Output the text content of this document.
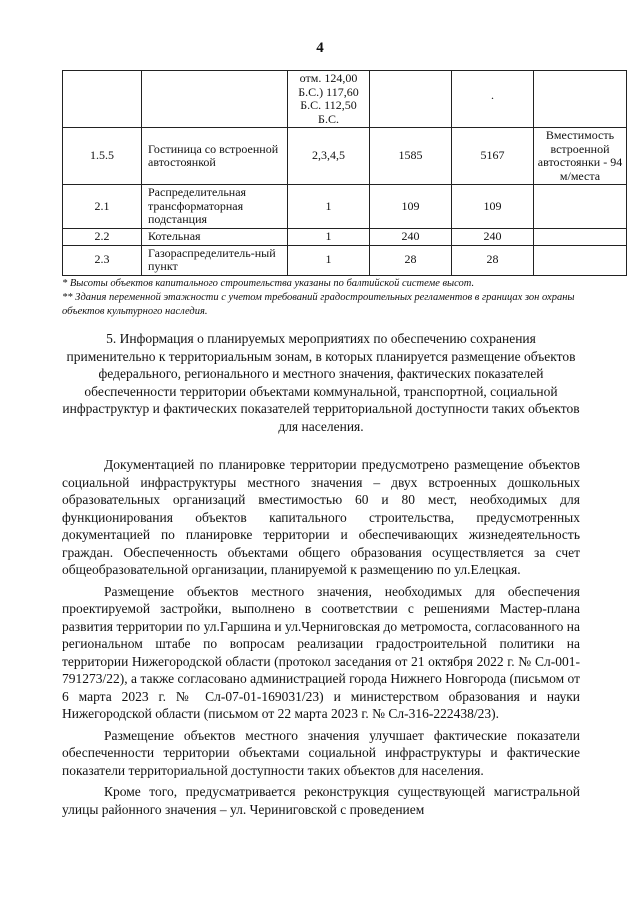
4
		отм. 124,00 Б.С.) 117,60 Б.С. 112,50 Б.С.		·	
1.5.5	Гостиница со встроенной автостоянкой	2,3,4,5	1585	5167	Вместимость встроенной автостоянки - 94 м/места
2.1	Распределительная трансформаторная подстанция	1	109	109	
2.2	Котельная	1	240	240	
2.3	Газораспределитель-ный пункт	1	28	28	

* Высоты объектов капитального строительства указаны по балтийской системе высот.

** Здания переменной этажности с учетом требований градостроительных регламентов в границах зон охраны объектов культурного наследия.

5. Информация о планируемых мероприятиях по обеспечению сохранения применительно к территориальным зонам, в которых планируется размещение объектов федерального, регионального и местного значения, фактических показателей обеспеченности территории объектами коммунальной, транспортной, социальной инфраструктур и фактических показателей территориальной доступности таких объектов для населения.

Документацией по планировке территории предусмотрено размещение объектов социальной инфраструктуры местного значения – двух встроенных дошкольных образовательных организаций вместимостью 60 и 80 мест, необходимых для функционирования объектов капитального строительства, предусмотренных документацией по планировке территории и обеспечивающих жизнедеятельность граждан. Обеспеченность объектами общего образования осуществляется за счет общеобразовательной организации, планируемой к размещению по ул.Елецкая.

Размещение объектов местного значения, необходимых для обеспечения проектируемой застройки, выполнено в соответствии с решениями Мастер-плана развития территории по ул.Гаршина и ул.Черниговская до метромоста, согласованного на региональном штабе по вопросам реализации градостроительной политики на территории Нижегородской области (протокол заседания от 21 октября 2022 г. № Сл-001-791273/22), а также согласовано администрацией города Нижнего Новгорода (письмом от 6 марта 2023 г. № Сл-07-01-169031/23) и министерством образования и науки Нижегородской области (письмом от 22 марта 2023 г. № Сл-316-222438/23).

Размещение объектов местного значения улучшает фактические показатели обеспеченности территории объектами социальной инфраструктуры и фактические показатели территориальной доступности таких объектов для населения.

Кроме того, предусматривается реконструкция существующей магистральной улицы районного значения – ул. Чериниговской с проведением
